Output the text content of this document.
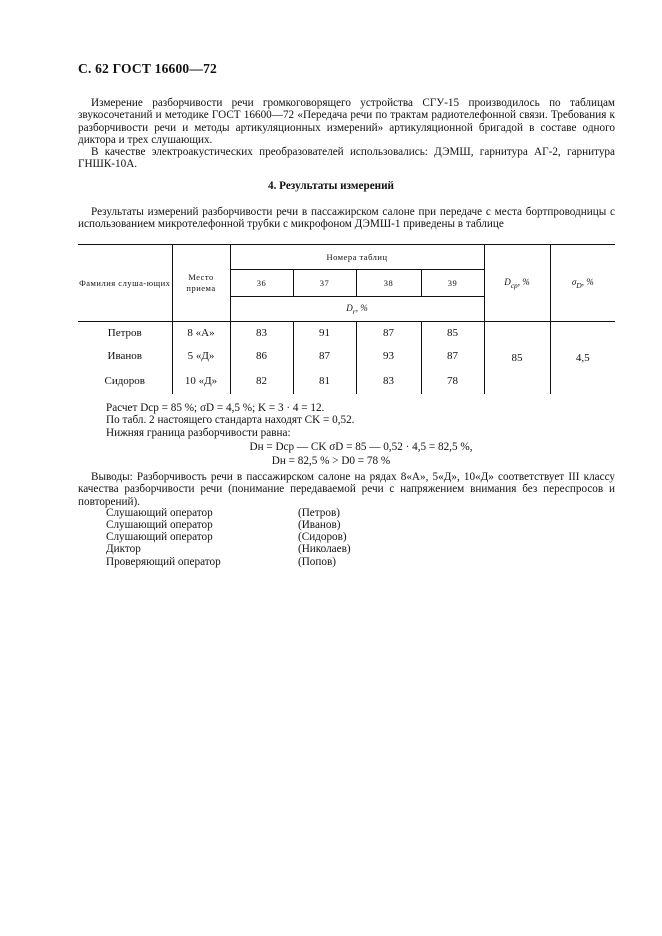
С. 62 ГОСТ 16600—72
Измерение разборчивости речи громкоговорящего устройства СГУ-15 производилось по таблицам звукосочетаний и методике ГОСТ 16600—72 «Передача речи по трактам радиотелефонной связи. Требования к разборчивости речи и методы артикуляционных измерений» артикуляционной бригадой в составе одного диктора и трех слушающих.
В качестве электроакустических преобразователей использовались: ДЭМШ, гарнитура АГ-2, гарнитура ГНШК-10А.
4. Результаты измерений
Результаты измерений разборчивости речи в пассажирском салоне при передаче с места бортпроводницы с использованием микротелефонной трубки с микрофоном ДЭМШ-1 приведены в таблице
Фамилия слуша-ющих	Место приема	Номера таблиц				$D_{ср}$, %	$\sigma_D$, %
		36	37	38	39		
		$D_r$, %					
Петров	8 «А»	83	91	87	85	85	4,5
Иванов	5 «Д»	86	87	93	87		
Сидоров	10 «Д»	82	81	83	78		
Расчет Dср = 85 %; σD = 4,5 %; K = 3 · 4 = 12.
По табл. 2 настоящего стандарта находят CK = 0,52.
Нижняя граница разборчивости равна:
Dн = Dср — CK σD = 85 — 0,52 · 4,5 = 82,5 %,
Dн = 82,5 % > D0 = 78 %
Выводы: Разборчивость речи в пассажирском салоне на рядах 8«А», 5«Д», 10«Д» соответствует III классу качества разборчивости речи (понимание передаваемой речи с напряжением внимания без переспросов и повторений).
Слушающий оператор	(Петров)
Слушающий оператор	(Иванов)
Слушающий оператор	(Сидоров)
Диктор	(Николаев)
Проверяющий оператор	(Попов)
